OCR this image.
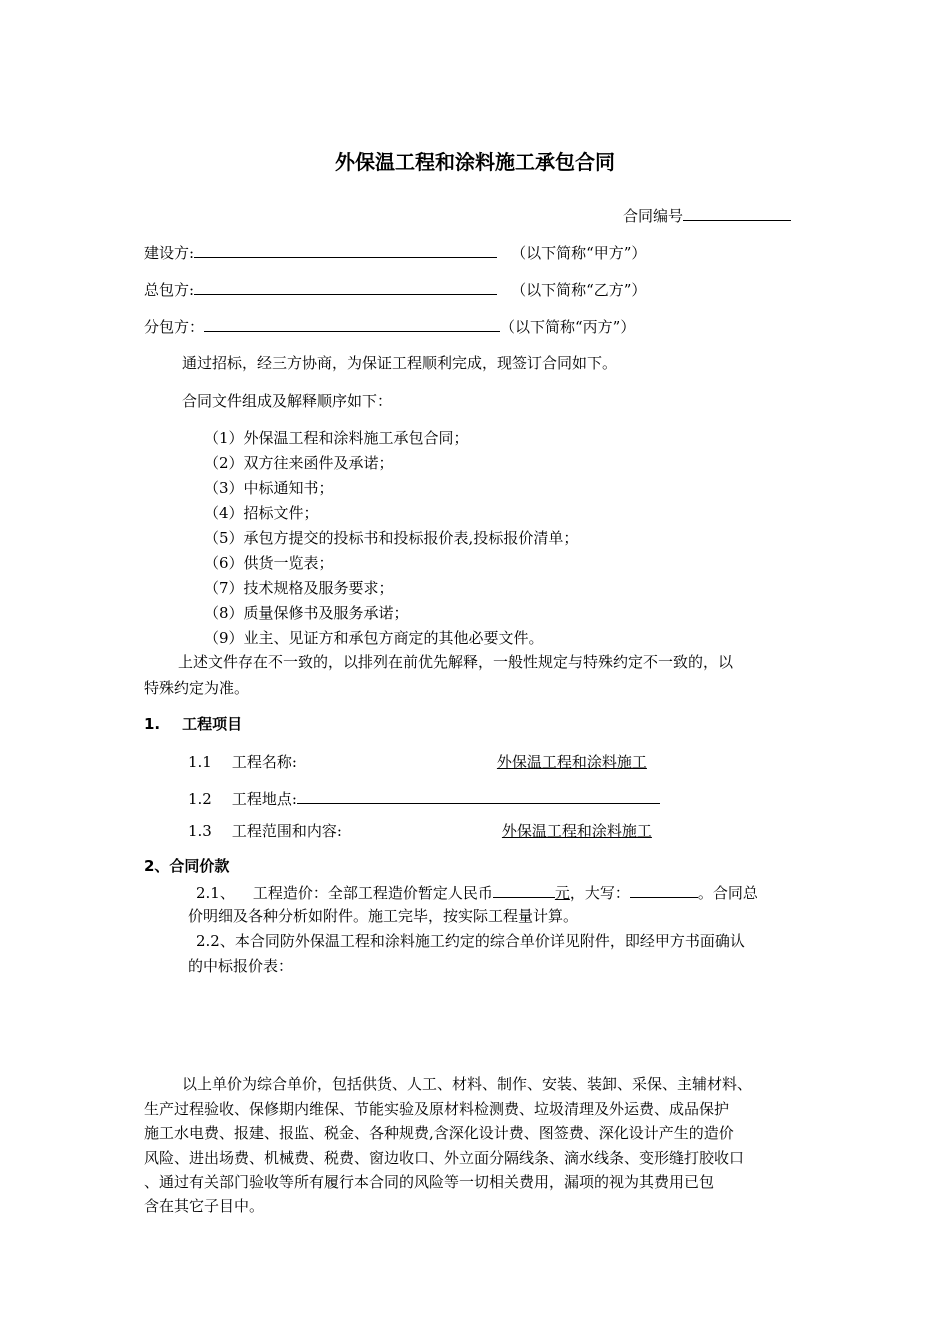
外保温工程和涂料施工承包合同
合同编号
建设方:	（以下简称“甲方”）
总包方:	（以下简称“乙方”）
分包方：	（以下简称“丙方”）
通过招标，经三方协商，为保证工程顺利完成，现签订合同如下。
合同文件组成及解释顺序如下：
（1）外保温工程和涂料施工承包合同；
（2）双方往来函件及承诺；
（3）中标通知书；
（4）招标文件；
（5）承包方提交的投标书和投标报价表,投标报价清单；
（6）供货一览表；
（7）技术规格及服务要求；
（8）质量保修书及服务承诺；
（9）业主、见证方和承包方商定的其他必要文件。
上述文件存在不一致的，以排列在前优先解释，一般性规定与特殊约定不一致的，以
特殊约定为准。
1. 工程项目
1.1 工程名称:	外保温工程和涂料施工
1.2 工程地点:
1.3 工程范围和内容:	外保温工程和涂料施工
2、合同价款
2.1、 工程造价：全部工程造价暂定人民币	元，大写：	。合同总
价明细及各种分析如附件。施工完毕，按实际工程量计算。
2.2、本合同防外保温工程和涂料施工约定的综合单价详见附件，即经甲方书面确认
的中标报价表：
以上单价为综合单价，包括供货、人工、材料、制作、安装、装卸、采保、主辅材料、
生产过程验收、保修期内维保、节能实验及原材料检测费、垃圾清理及外运费、成品保护
施工水电费、报建、报监、税金、各种规费,含深化设计费、图签费、深化设计产生的造价
风险、进出场费、机械费、税费、窗边收口、外立面分隔线条、滴水线条、变形缝打胶收口
、通过有关部门验收等所有履行本合同的风险等一切相关费用，漏项的视为其费用已包
含在其它子目中。
